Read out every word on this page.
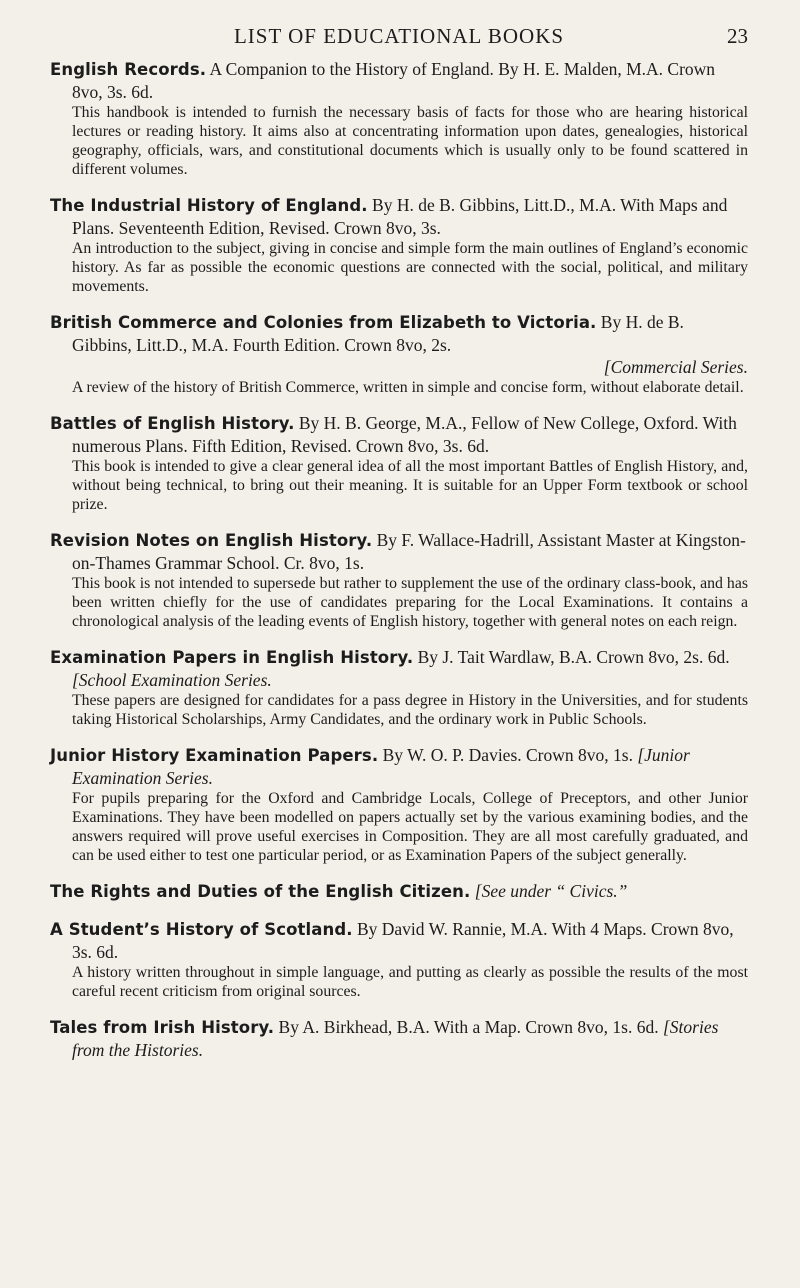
LIST OF EDUCATIONAL BOOKS	23

English Records. A Companion to the History of England. By H. E. Malden, M.A. Crown 8vo, 3s. 6d.

This handbook is intended to furnish the necessary basis of facts for those who are hearing historical lectures or reading history. It aims also at concentrating information upon dates, genealogies, historical geography, officials, wars, and constitutional documents which is usually only to be found scattered in different volumes.

The Industrial History of England. By H. de B. Gibbins, Litt.D., M.A. With Maps and Plans. Seventeenth Edition, Revised. Crown 8vo, 3s.

An introduction to the subject, giving in concise and simple form the main outlines of England’s economic history. As far as possible the economic questions are connected with the social, political, and military movements.

British Commerce and Colonies from Elizabeth to Victoria. By H. de B. Gibbins, Litt.D., M.A. Fourth Edition. Crown 8vo, 2s.

[Commercial Series.

A review of the history of British Commerce, written in simple and concise form, without elaborate detail.

Battles of English History. By H. B. George, M.A., Fellow of New College, Oxford. With numerous Plans. Fifth Edition, Revised. Crown 8vo, 3s. 6d.

This book is intended to give a clear general idea of all the most important Battles of English History, and, without being technical, to bring out their meaning. It is suitable for an Upper Form textbook or school prize.

Revision Notes on English History. By F. Wallace-Hadrill, Assistant Master at Kingston-on-Thames Grammar School. Cr. 8vo, 1s.

This book is not intended to supersede but rather to supplement the use of the ordinary class-book, and has been written chiefly for the use of candidates preparing for the Local Examinations. It contains a chronological analysis of the leading events of English history, together with general notes on each reign.

Examination Papers in English History. By J. Tait Wardlaw, B.A. Crown 8vo, 2s. 6d. [School Examination Series.

These papers are designed for candidates for a pass degree in History in the Universities, and for students taking Historical Scholarships, Army Candidates, and the ordinary work in Public Schools.

Junior History Examination Papers. By W. O. P. Davies. Crown 8vo, 1s. [Junior Examination Series.

For pupils preparing for the Oxford and Cambridge Locals, College of Preceptors, and other Junior Examinations. They have been modelled on papers actually set by the various examining bodies, and the answers required will prove useful exercises in Composition. They are all most carefully graduated, and can be used either to test one particular period, or as Examination Papers of the subject generally.

The Rights and Duties of the English Citizen. [See under “ Civics.”

A Student’s History of Scotland. By David W. Rannie, M.A. With 4 Maps. Crown 8vo, 3s. 6d.

A history written throughout in simple language, and putting as clearly as possible the results of the most careful recent criticism from original sources.

Tales from Irish History. By A. Birkhead, B.A. With a Map. Crown 8vo, 1s. 6d. [Stories from the Histories.
